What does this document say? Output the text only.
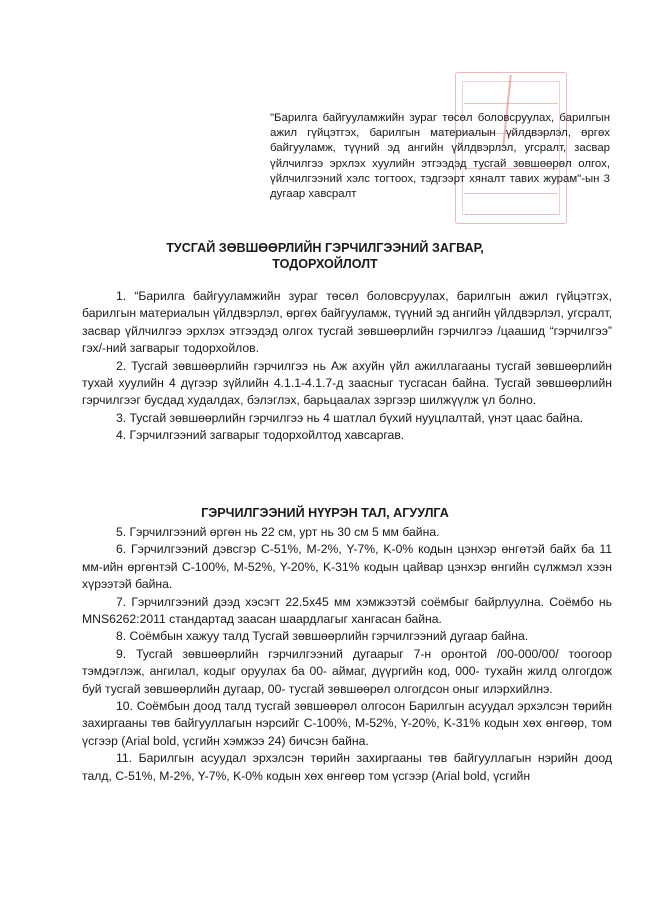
"Барилга байгууламжийн зураг төсөл боловсруулах, барилгын ажил гүйцэтгэх, барилгын материалын үйлдвэрлэл, өргөх байгууламж, түүний эд ангийн үйлдвэрлэл, угсралт, засвар үйлчилгээ эрхлэх хуулийн этгээдэд тусгай зөвшөөрөл олгох, үйлчилгээний хэлс тогтоох, тэдгээрт хяналт тавих журам"-ын 3 дугаар хавсралт
ТУСГАЙ ЗӨВШӨӨРЛИЙН ГЭРЧИЛГЭЭНИЙ ЗАГВАР,
ТОДОРХОЙЛОЛТ

1. “Барилга байгууламжийн зураг төсөл боловсруулах, барилгын ажил гүйцэтгэх, барилгын материалын үйлдвэрлэл, өргөх байгууламж, түүний эд ангийн үйлдвэрлэл, угсралт, засвар үйлчилгээ эрхлэх этгээдэд олгох тусгай зөвшөөрлийн гэрчилгээ /цаашид “гэрчилгээ” гэх/-ний загварыг тодорхойлов.

2. Тусгай зөвшөөрлийн гэрчилгээ нь Аж ахуйн үйл ажиллагааны тусгай зөвшөөрлийн тухай хуулийн 4 дүгээр зүйлийн 4.1.1-4.1.7-д заасныг тусгасан байна. Тусгай зөвшөөрлийн гэрчилгээг бусдад худалдах, бэлэглэх, барьцаалах зэргээр шилжүүлж үл болно.

3. Тусгай зөвшөөрлийн гэрчилгээ нь 4 шатлал бүхий нууцлалтай, үнэт цаас байна.

4. Гэрчилгээний загварыг тодорхойлтод хавсаргав.

ГЭРЧИЛГЭЭНИЙ НҮҮРЭН ТАЛ, АГУУЛГА

5. Гэрчилгээний өргөн нь 22 см, урт нь 30 см 5 мм байна.

6. Гэрчилгээний дэвсгэр C-51%, M-2%, Y-7%, K-0% кодын цэнхэр өнгөтэй байх ба 11 мм-ийн өргөнтэй C-100%, M-52%, Y-20%, K-31% кодын цайвар цэнхэр өнгийн сүлжмэл хээн хүрээтэй байна.

7. Гэрчилгээний дээд хэсэгт 22.5x45 мм хэмжээтэй соёмбыг байрлуулна. Соёмбо нь MNS6262:2011 стандартад заасан шаардлагыг хангасан байна.

8. Соёмбын хажуу талд Тусгай зөвшөөрлийн гэрчилгээний дугаар байна.

9. Тусгай зөвшөөрлийн гэрчилгээний дугаарыг 7-н оронтой /00-000/00/ тоогоор тэмдэглэж, ангилал, кодыг оруулах ба 00- аймаг, дүүргийн код, 000- тухайн жилд олгогдож буй тусгай зөвшөөрлийн дугаар, 00- тусгай зөвшөөрөл олгогдсон оныг илэрхийлнэ.

10. Соёмбын доод талд тусгай зөвшөөрөл олгосон Барилгын асуудал эрхэлсэн төрийн захиргааны төв байгууллагын нэрсийг C-100%, M-52%, Y-20%, K-31% кодын хөх өнгөөр, том үсгээр (Arial bold, үсгийн хэмжээ 24) бичсэн байна.

11. Барилгын асуудал эрхэлсэн төрийн захиргааны төв байгууллагын нэрийн доод талд, C-51%, M-2%, Y-7%, K-0% кодын хөх өнгөөр том үсгээр (Arial bold, үсгийн
